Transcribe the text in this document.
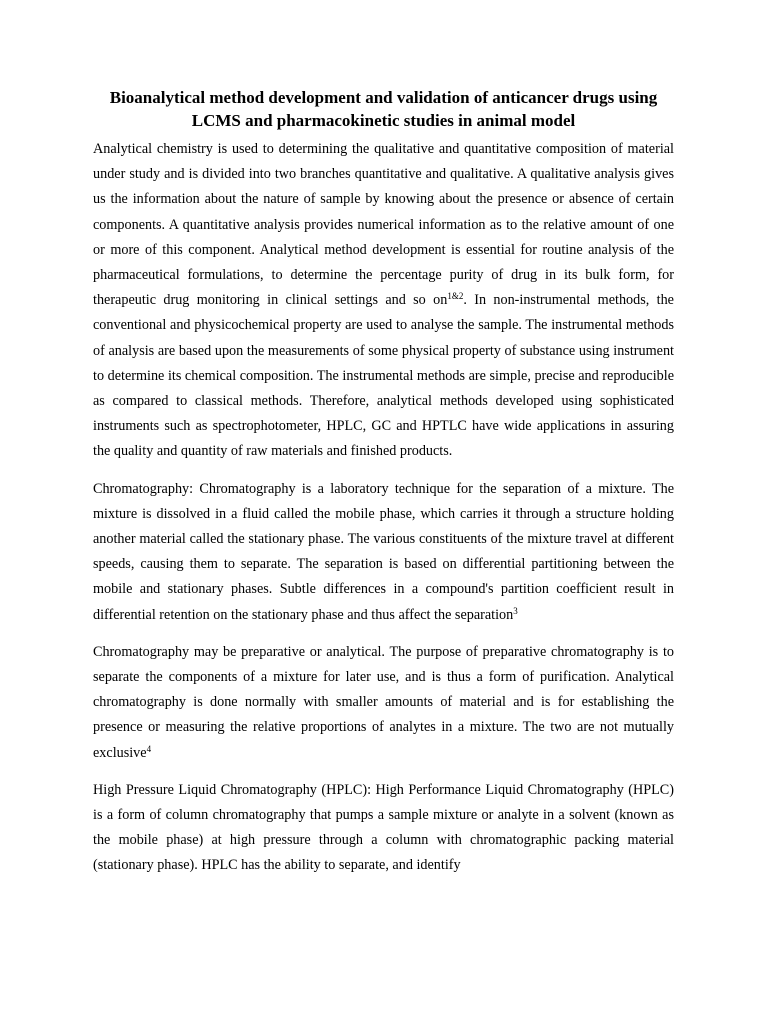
Bioanalytical method development and validation of anticancer drugs using LCMS and pharmacokinetic studies in animal model

Analytical chemistry is used to determining the qualitative and quantitative composition of material under study and is divided into two branches quantitative and qualitative. A qualitative analysis gives us the information about the nature of sample by knowing about the presence or absence of certain components. A quantitative analysis provides numerical information as to the relative amount of one or more of this component. Analytical method development is essential for routine analysis of the pharmaceutical formulations, to determine the percentage purity of drug in its bulk form, for therapeutic drug monitoring in clinical settings and so $on^{1\&2}$. In non-instrumental methods, the conventional and physicochemical property are used to analyse the sample. The instrumental methods of analysis are based upon the measurements of some physical property of substance using instrument to determine its chemical composition. The instrumental methods are simple, precise and reproducible as compared to classical methods. Therefore, analytical methods developed using sophisticated instruments such as spectrophotometer, HPLC, GC and HPTLC have wide applications in assuring the quality and quantity of raw materials and finished products.

Chromatography: Chromatography is a laboratory technique for the separation of a mixture. The mixture is dissolved in a fluid called the mobile phase, which carries it through a structure holding another material called the stationary phase. The various constituents of the mixture travel at different speeds, causing them to separate. The separation is based on differential partitioning between the mobile and stationary phases. Subtle differences in a compound's partition coefficient result in differential retention on the stationary phase and thus affect the separation$^3$

Chromatography may be preparative or analytical. The purpose of preparative chromatography is to separate the components of a mixture for later use, and is thus a form of purification. Analytical chromatography is done normally with smaller amounts of material and is for establishing the presence or measuring the relative proportions of analytes in a mixture. The two are not mutually exclusive$^4$

High Pressure Liquid Chromatography (HPLC): High Performance Liquid Chromatography (HPLC) is a form of column chromatography that pumps a sample mixture or analyte in a solvent (known as the mobile phase) at high pressure through a column with chromatographic packing material (stationary phase). HPLC has the ability to separate, and identify
